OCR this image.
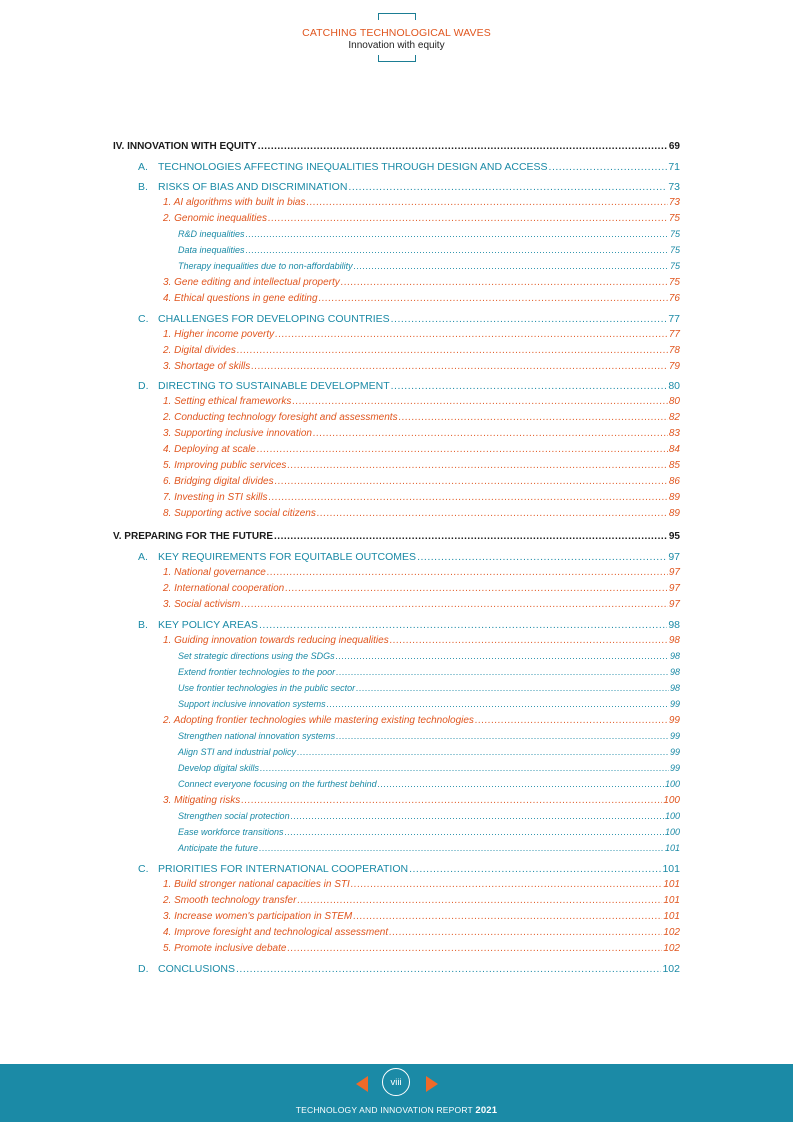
CATCHING TECHNOLOGICAL WAVES
Innovation with equity
IV. INNOVATION WITH EQUITY .....	69
A. TECHNOLOGIES AFFECTING INEQUALITIES THROUGH DESIGN AND ACCESS .....	71
B. RISKS OF BIAS AND DISCRIMINATION .....	73
1. AI algorithms with built in bias .....	73
2. Genomic inequalities .....	75
R&D inequalities .....	75
Data inequalities .....	75
Therapy inequalities due to non-affordability .....	75
3. Gene editing and intellectual property .....	75
4. Ethical questions in gene editing .....	76
C. CHALLENGES FOR DEVELOPING COUNTRIES .....	77
1. Higher income poverty .....	77
2. Digital divides .....	78
3. Shortage of skills .....	79
D. DIRECTING TO SUSTAINABLE DEVELOPMENT .....	80
1. Setting ethical frameworks .....	80
2. Conducting technology foresight and assessments .....	82
3. Supporting inclusive innovation .....	83
4. Deploying at scale .....	84
5. Improving public services .....	85
6. Bridging digital divides .....	86
7. Investing in STI skills .....	89
8. Supporting active social citizens .....	89
V. PREPARING FOR THE FUTURE .....	95
A. KEY REQUIREMENTS FOR EQUITABLE OUTCOMES .....	97
1. National governance .....	97
2. International cooperation .....	97
3. Social activism .....	97
B. KEY POLICY AREAS .....	98
1. Guiding innovation towards reducing inequalities .....	98
Set strategic directions using the SDGs .....	98
Extend frontier technologies to the poor .....	98
Use frontier technologies in the public sector .....	98
Support inclusive innovation systems .....	99
2. Adopting frontier technologies while mastering existing technologies .....	99
Strengthen national innovation systems .....	99
Align STI and industrial policy .....	99
Develop digital skills .....	99
Connect everyone focusing on the furthest behind .....	100
3. Mitigating risks .....	100
Strengthen social protection .....	100
Ease workforce transitions .....	100
Anticipate the future .....	101
C. PRIORITIES FOR INTERNATIONAL COOPERATION .....	101
1. Build stronger national capacities in STI .....	101
2. Smooth technology transfer .....	101
3. Increase women's participation in STEM .....	101
4. Improve foresight and technological assessment .....	102
5. Promote inclusive debate .....	102
D. CONCLUSIONS .....	102
viii
TECHNOLOGY AND INNOVATION REPORT 2021
